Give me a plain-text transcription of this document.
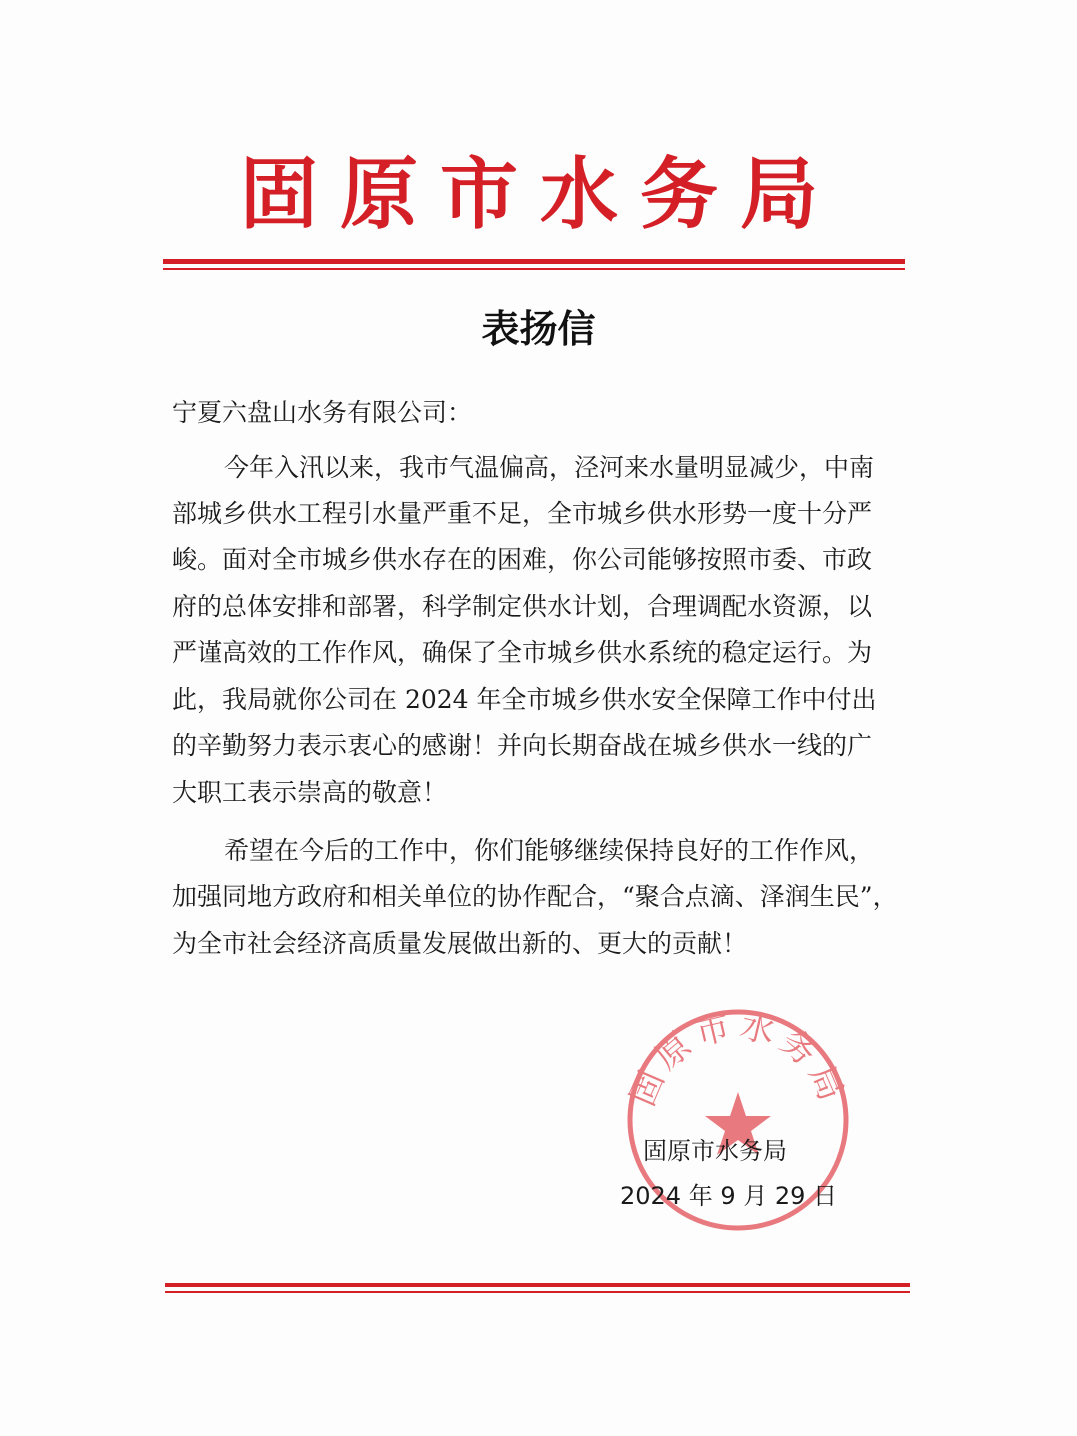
固原市水务局
表扬信
宁夏六盘山水务有限公司：
今年入汛以来，我市气温偏高，泾河来水量明显减少，中南
部城乡供水工程引水量严重不足，全市城乡供水形势一度十分严
峻。面对全市城乡供水存在的困难，你公司能够按照市委、市政
府的总体安排和部署，科学制定供水计划，合理调配水资源，以
严谨高效的工作作风，确保了全市城乡供水系统的稳定运行。为
此，我局就你公司在 2024 年全市城乡供水安全保障工作中付出
的辛勤努力表示衷心的感谢！并向长期奋战在城乡供水一线的广
大职工表示崇高的敬意！
希望在今后的工作中，你们能够继续保持良好的工作作风，
加强同地方政府和相关单位的协作配合，“聚合点滴、泽润生民”，
为全市社会经济高质量发展做出新的、更大的贡献！
固原市水务局
固原市水务局
2024 年 9 月 29 日
